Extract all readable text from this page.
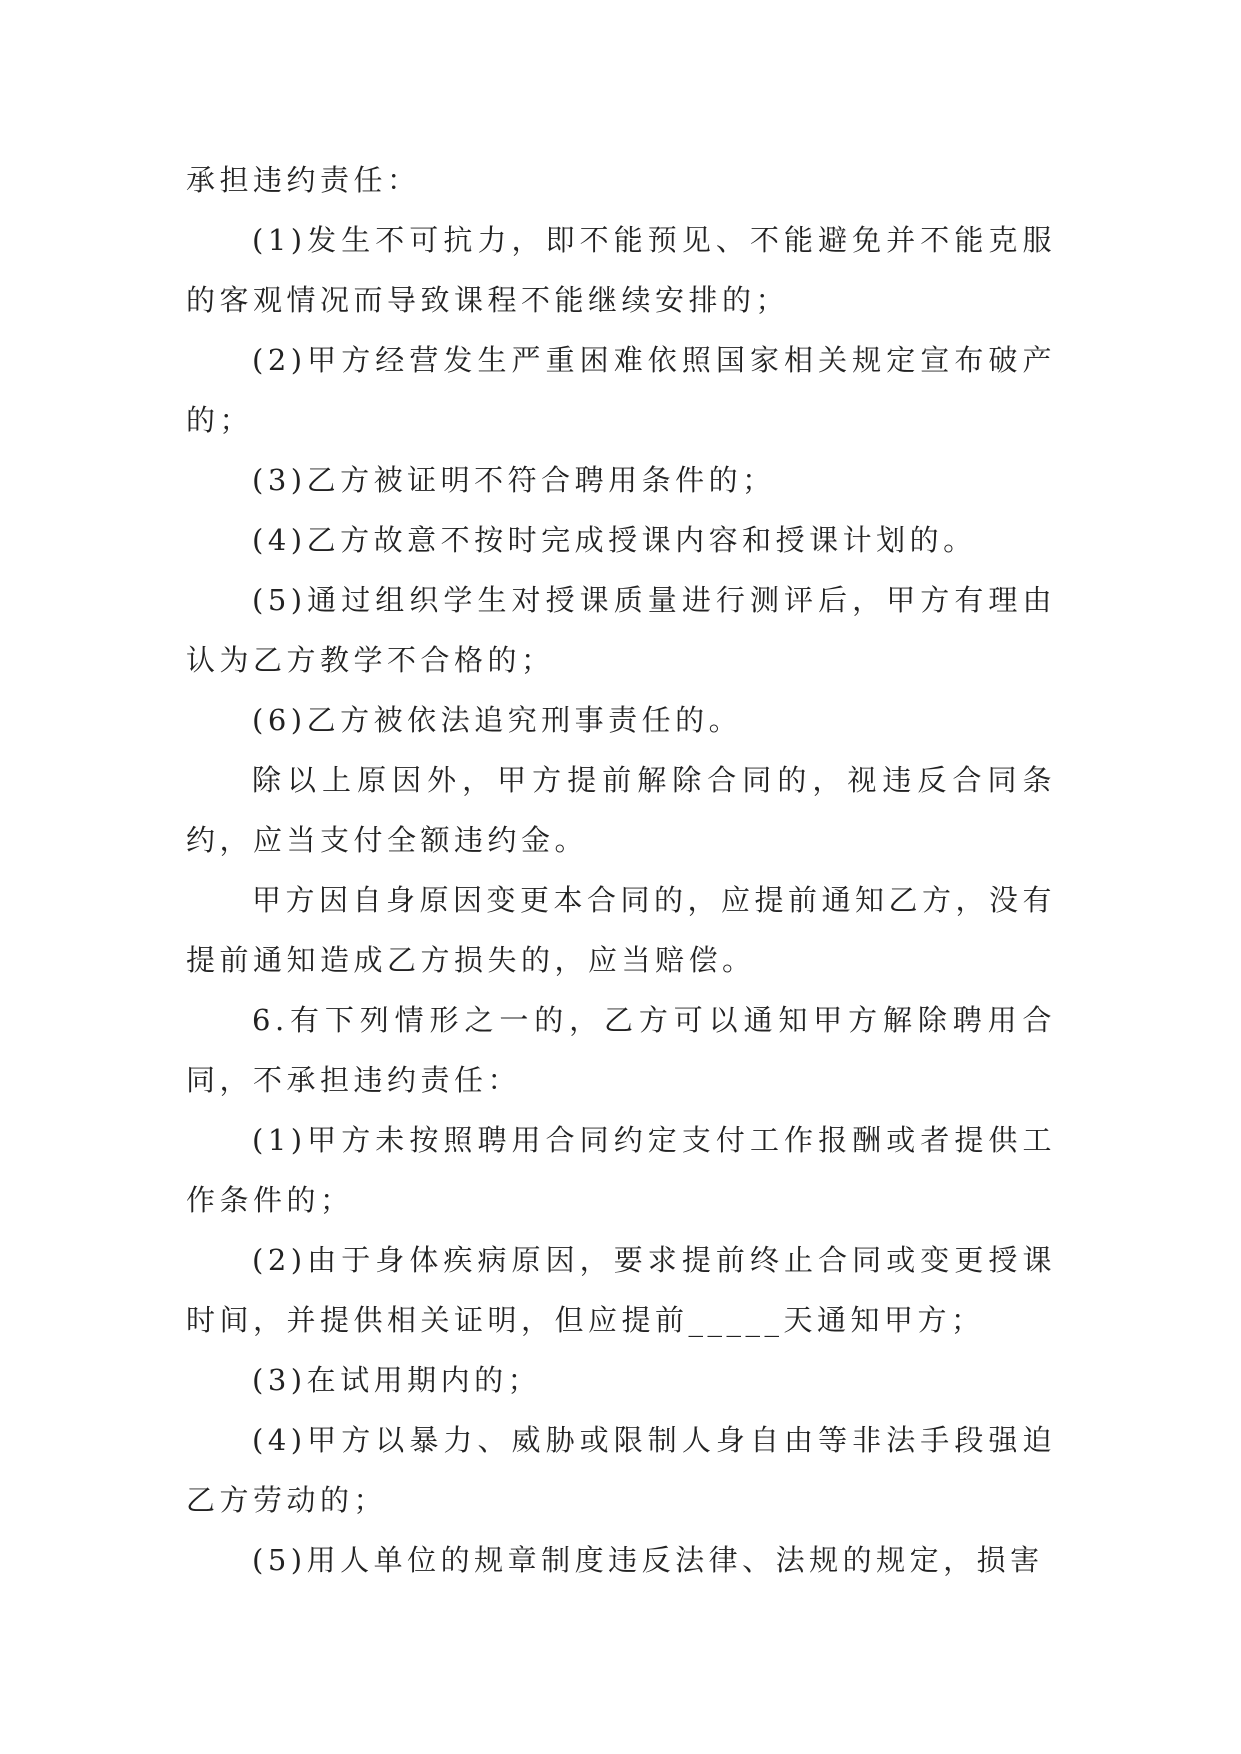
承担违约责任：

(1)发生不可抗力，即不能预见、不能避免并不能克服的客观情况而导致课程不能继续安排的；

(2)甲方经营发生严重困难依照国家相关规定宣布破产的；

(3)乙方被证明不符合聘用条件的；

(4)乙方故意不按时完成授课内容和授课计划的。

(5)通过组织学生对授课质量进行测评后，甲方有理由认为乙方教学不合格的；

(6)乙方被依法追究刑事责任的。

除以上原因外，甲方提前解除合同的，视违反合同条约，应当支付全额违约金。

甲方因自身原因变更本合同的，应提前通知乙方，没有提前通知造成乙方损失的，应当赔偿。

6.有下列情形之一的，乙方可以通知甲方解除聘用合同，不承担违约责任：

(1)甲方未按照聘用合同约定支付工作报酬或者提供工作条件的；

(2)由于身体疾病原因，要求提前终止合同或变更授课时间，并提供相关证明，但应提前_____天通知甲方；

(3)在试用期内的；

(4)甲方以暴力、威胁或限制人身自由等非法手段强迫乙方劳动的；

(5)用人单位的规章制度违反法律、法规的规定，损害
